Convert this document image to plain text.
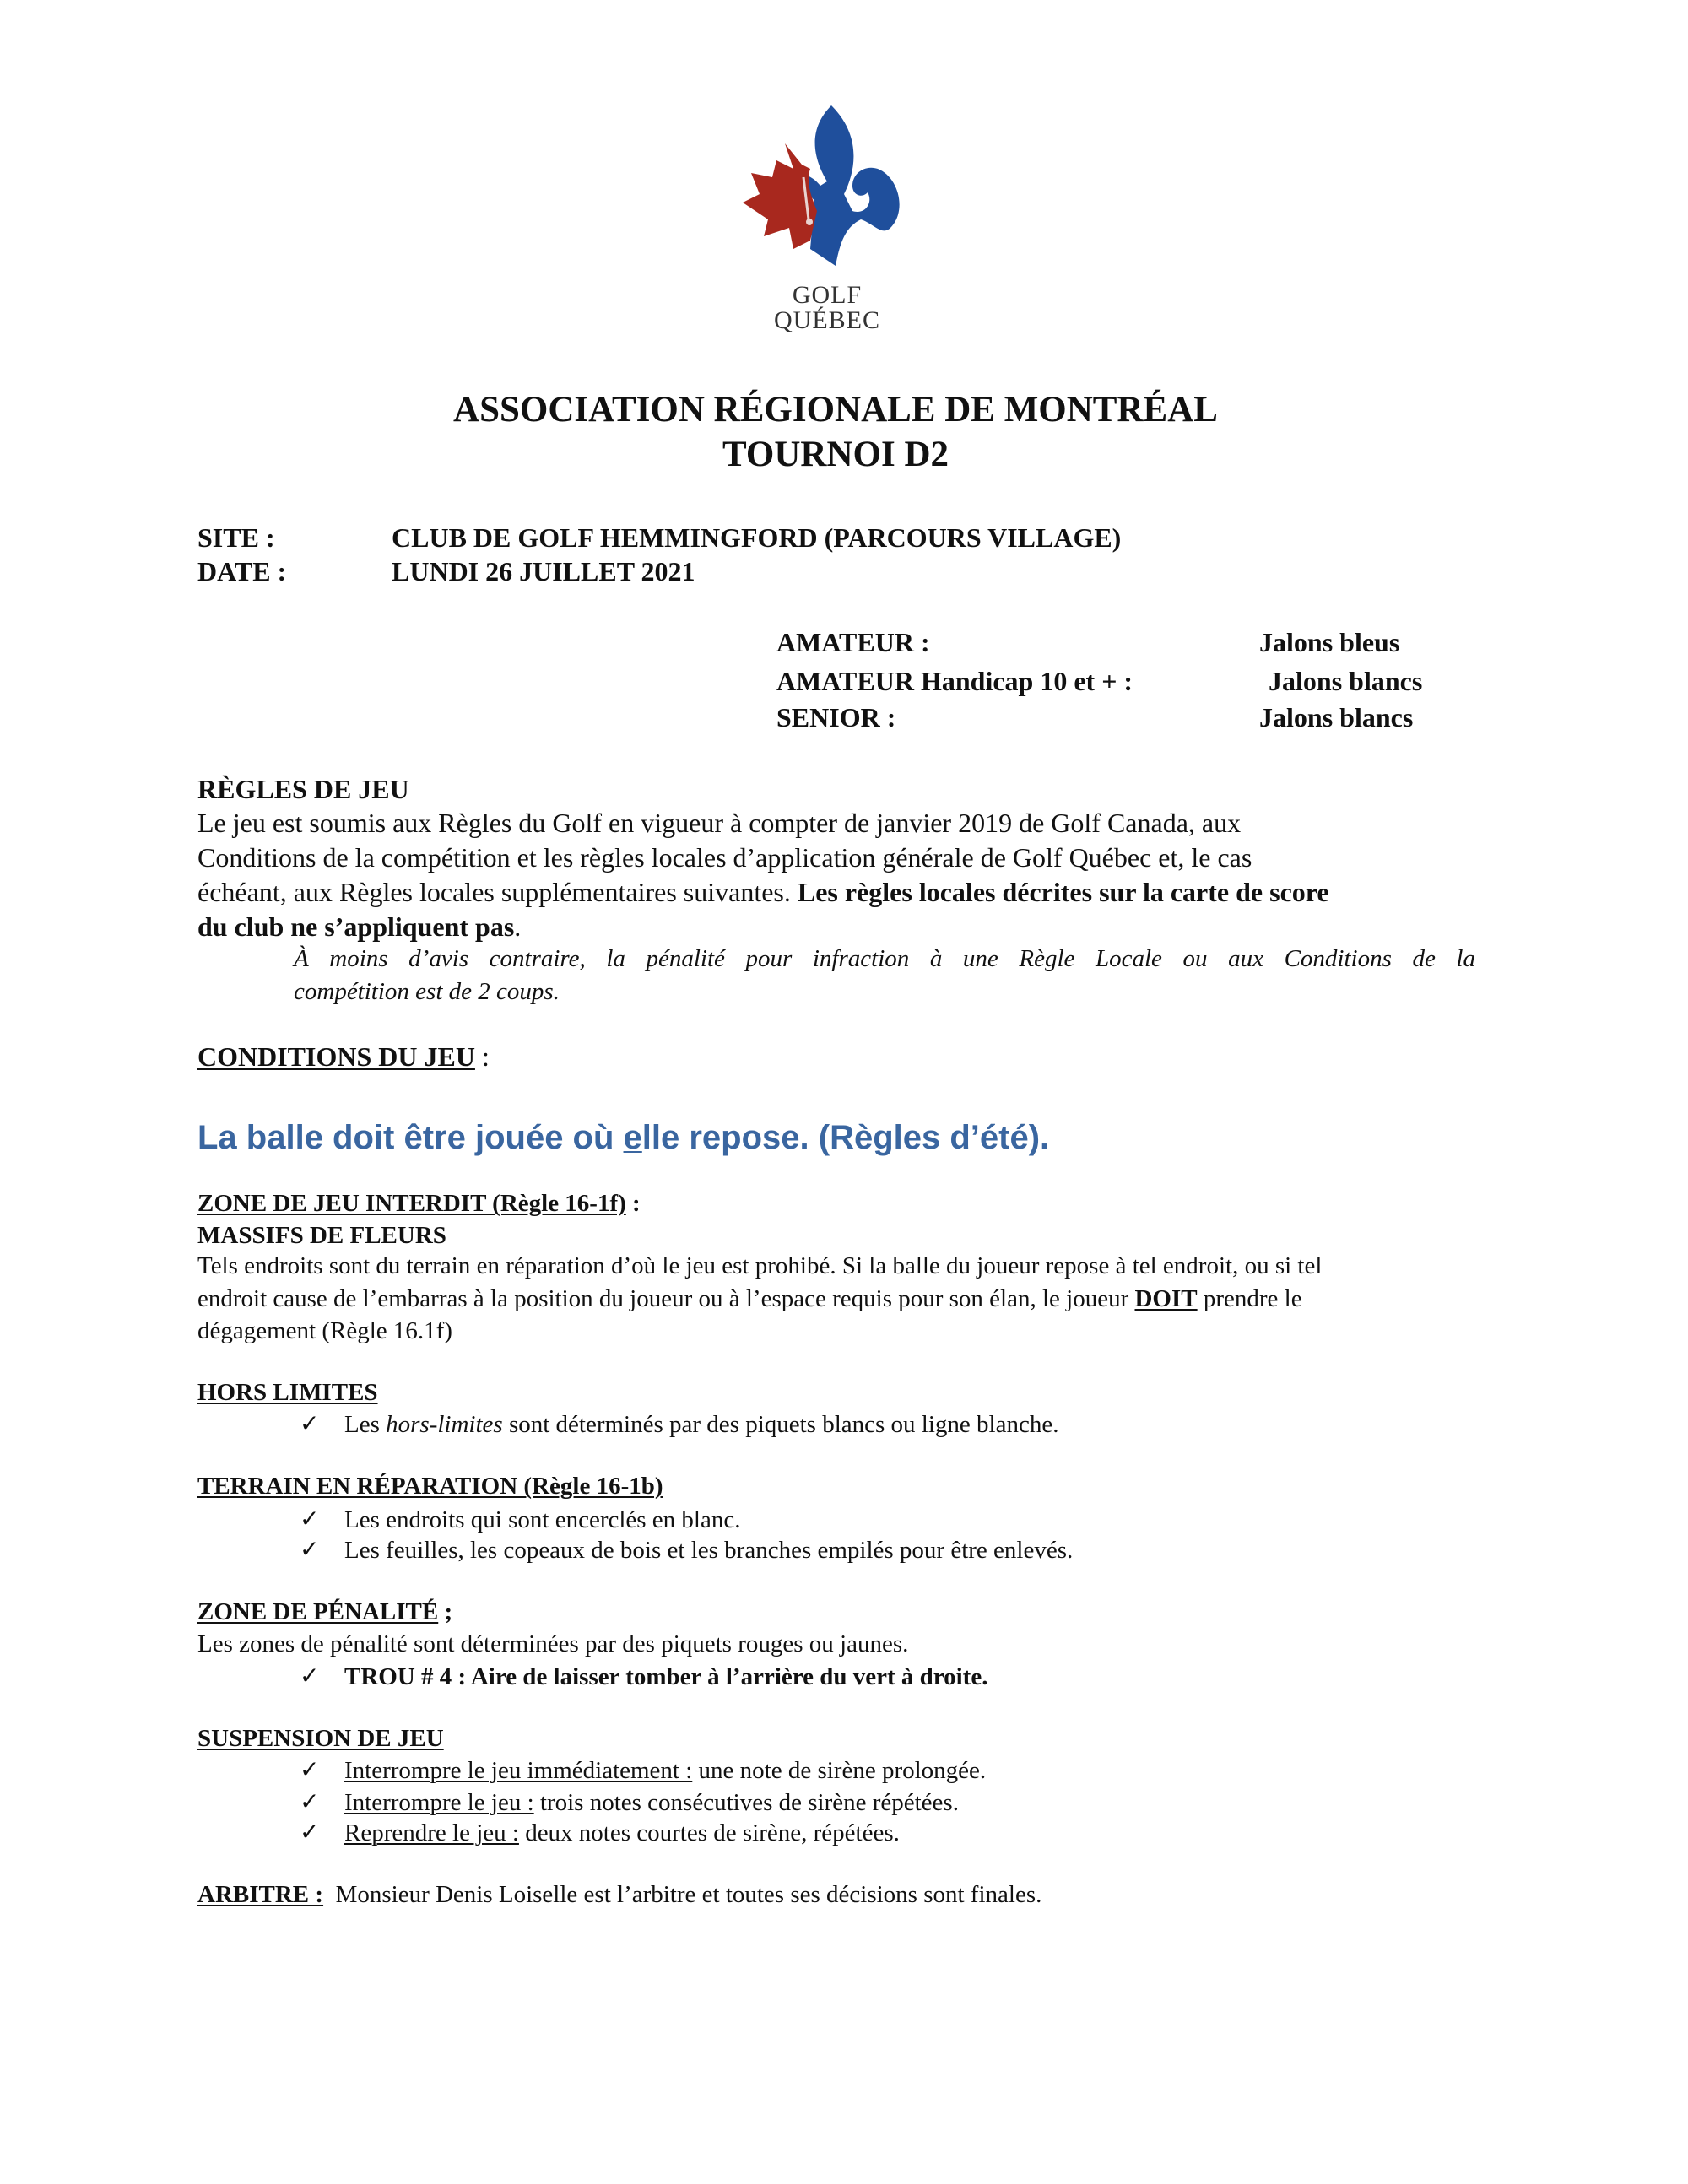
GOLF
QUÉBEC
ASSOCIATION RÉGIONALE DE MONTRÉAL
TOURNOI D2
SITE :	CLUB DE GOLF HEMMINGFORD (PARCOURS VILLAGE)
DATE :	LUNDI 26 JUILLET 2021
AMATEUR :	Jalons bleus
AMATEUR Handicap 10 et + :	Jalons blancs
SENIOR :	Jalons blancs
RÈGLES DE JEU
Le jeu est soumis aux Règles du Golf en vigueur à compter de janvier 2019 de Golf Canada, aux
Conditions de la compétition et les règles locales d’application générale de Golf Québec et, le cas
échéant, aux Règles locales supplémentaires suivantes. Les règles locales décrites sur la carte de score
du club ne s’appliquent pas.
À moins d’avis contraire, la pénalité pour infraction à une Règle Locale ou aux Conditions de la
compétition est de 2 coups.
CONDITIONS DU JEU :
La balle doit être jouée où elle repose. (Règles d’été).
ZONE DE JEU INTERDIT (Règle 16-1f) :
MASSIFS DE FLEURS
Tels endroits sont du terrain en réparation d’où le jeu est prohibé. Si la balle du joueur repose à tel endroit, ou si tel
endroit cause de l’embarras à la position du joueur ou à l’espace requis pour son élan, le joueur DOIT prendre le
dégagement (Règle 16.1f)
HORS LIMITES
✓ Les hors-limites sont déterminés par des piquets blancs ou ligne blanche.
TERRAIN EN RÉPARATION (Règle 16-1b)
✓ Les endroits qui sont encerclés en blanc.
✓ Les feuilles, les copeaux de bois et les branches empilés pour être enlevés.
ZONE DE PÉNALITÉ ;
Les zones de pénalité sont déterminées par des piquets rouges ou jaunes.
✓ TROU # 4 : Aire de laisser tomber à l’arrière du vert à droite.
SUSPENSION DE JEU
✓ Interrompre le jeu immédiatement : une note de sirène prolongée.
✓ Interrompre le jeu : trois notes consécutives de sirène répétées.
✓ Reprendre le jeu : deux notes courtes de sirène, répétées.
ARBITRE :  Monsieur Denis Loiselle est l’arbitre et toutes ses décisions sont finales.
